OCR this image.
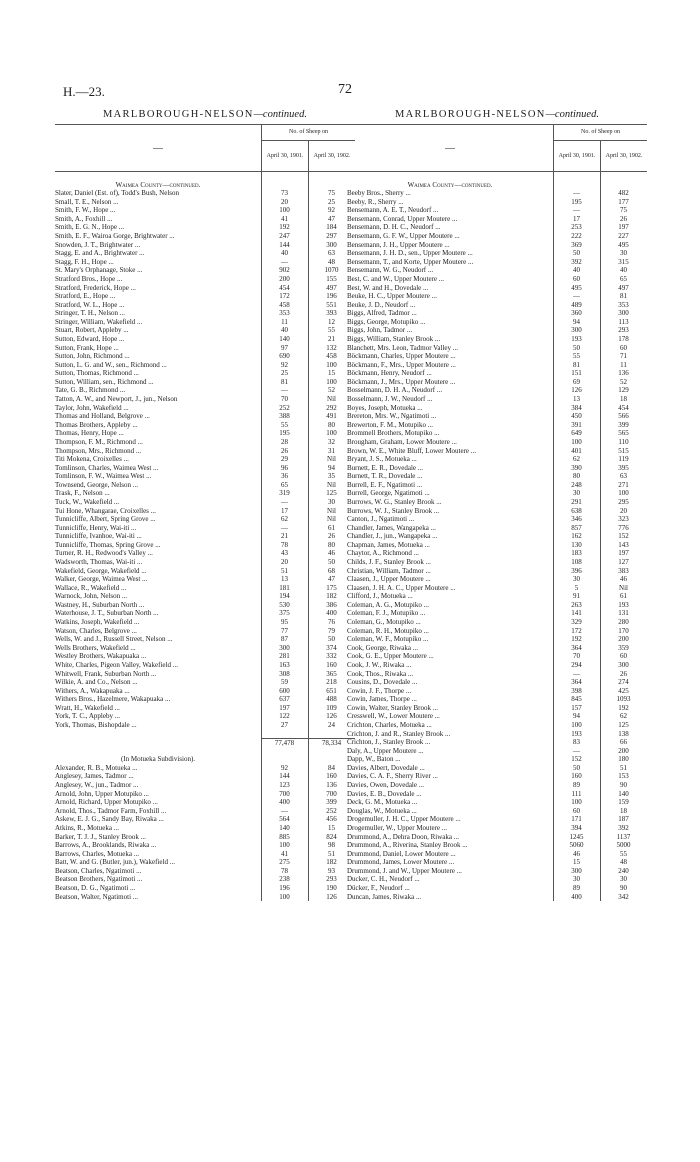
H.—23.	72
MARLBOROUGH-NELSON—continued.
—
No. of Sheep on
April 30, 1901.	April 30, 1902.
Waimea County—continued.
Slater, Daniel (Est. of), Todd's Bush, Nelson	73	75
Small, T. E., Nelson ...	20	25
Smith, F. W., Hope ...	100	92
Smith, A., Foxhill ...	41	47
Smith, E. G. N., Hope ...	192	184
Smith, E. F., Wairoa Gorge, Brightwater ...	247	297
Snowden, J. T., Brightwater ...	144	300
Stagg, E. and A., Brightwater ...	40	63
Stagg, F. H., Hope ...	—	48
St. Mary's Orphanage, Stoke ...	902	1070
Stratford Bros., Hope ...	200	155
Stratford, Frederick, Hope ...	454	497
Stratford, E., Hope ...	172	196
Stratford, W. L., Hope ...	458	551
Stringer, T. H., Nelson ...	353	393
Stringer, William, Wakefield ...	11	12
Stuart, Robert, Appleby ...	40	55
Sutton, Edward, Hope ...	140	21
Sutton, Frank, Hope ...	97	132
Sutton, John, Richmond ...	690	458
Sutton, L. G. and W., sen., Richmond ...	92	100
Sutton, Thomas, Richmond ...	25	15
Sutton, William, sen., Richmond ...	81	100
Tate, G. B., Richmond ...	—	52
Tatton, A. W., and Newport, J., jun., Nelson	70	Nil
Taylor, John, Wakefield ...	252	292
Thomas and Holland, Belgrove ...	388	491
Thomas Brothers, Appleby ...	55	80
Thomas, Henry, Hope ...	195	100
Thompson, F. M., Richmond ...	28	32
Thompson, Mrs., Richmond ...	26	31
Titi Mokena, Croixelles ...	29	Nil
Tomlinson, Charles, Waimea West ...	96	94
Tomlinson, F. W., Waimea West ...	36	35
Townsend, George, Nelson ...	65	Nil
Trask, F., Nelson ...	319	125
Tuck, W., Wakefield ...	—	30
Tui Hone, Whangarae, Croixelles ...	17	Nil
Tunnicliffe, Albert, Spring Grove ...	62	Nil
Tunnicliffe, Henry, Wai-iti ...	—	61
Tunnicliffe, Ivanhoe, Wai-iti ...	21	26
Tunnicliffe, Thomas, Spring Grove ...	78	80
Turner, R. H., Redwood's Valley ...	43	46
Wadsworth, Thomas, Wai-iti ...	20	50
Wakefield, George, Wakefield ...	51	68
Walker, George, Waimea West ...	13	47
Wallace, R., Wakefield ...	181	175
Warnock, John, Nelson ...	194	182
Wastney, H., Suburban North ...	530	386
Waterhouse, J. T., Suburban North ...	375	400
Watkins, Joseph, Wakefield ...	95	76
Watson, Charles, Belgrove ...	77	79
Wells, W. and J., Russell Street, Nelson ...	87	50
Wells Brothers, Wakefield ...	300	374
Westley Brothers, Wakapuaka ...	281	332
White, Charles, Pigeon Valley, Wakefield ...	163	160
Whitwell, Frank, Suburban North ...	308	365
Wilkie, A. and Co., Nelson ...	59	218
Withers, A., Wakapuaka ...	600	651
Withers Bros., Hazelmere, Wakapuaka ...	637	488
Wratt, H., Wakefield ...	197	109
York, T. C., Appleby ...	122	126
York, Thomas, Bishopdale ...	27	24
77,478	78,334
(In Motueka Subdivision).
Alexander, R. B., Motueka ...	92	84
Anglesey, James, Tadmor ...	144	160
Anglesey, W., jun., Tadmor ...	123	136
Arnold, John, Upper Motupiko ...	700	700
Arnold, Richard, Upper Motupiko ...	400	399
Arnold, Thos., Tadmor Farm, Foxhill ...	—	252
Askew, E. J. G., Sandy Bay, Riwaka ...	564	456
Atkins, R., Motueka ...	140	15
Barker, T. J. J., Stanley Brook ...	885	824
Barrows, A., Brooklands, Riwaka ...	100	98
Barrows, Charles, Motueka ...	41	51
Batt, W. and G. (Butler, jun.), Wakefield ...	275	182
Beatson, Charles, Ngatimoti ...	78	93
Beatson Brothers, Ngatimoti ...	238	293
Beatson, D. G., Ngatimoti ...	196	190
Beatson, Walter, Ngatimoti ...	100	126
MARLBOROUGH-NELSON—continued.
—
No. of Sheep on
April 30, 1901.	April 30, 1902.
Waimea County—continued.
Beeby Bros., Sherry ...	—	482
Beeby, R., Sherry ...	195	177
Bensemann, A. E. T., Neudorf ...	—	75
Bensemann, Conrad, Upper Moutere ...	17	26
Bensemann, D. H. C., Neudorf ...	253	197
Bensemann, G. F. W., Upper Moutere ...	222	227
Bensemann, J. H., Upper Moutere ...	369	495
Bensemann, J. H. D., sen., Upper Moutere ...	50	30
Bensemann, T., and Korte, Upper Moutere ...	392	315
Bensemann, W. G., Neudorf ...	40	40
Best, C. and W., Upper Moutere ...	60	65
Best, W. and H., Dovedale ...	495	497
Beuke, H. C., Upper Moutere ...	—	81
Beuke, J. D., Neudorf ...	489	353
Biggs, Alfred, Tadmor ...	360	300
Biggs, George, Motupiko ...	94	113
Biggs, John, Tadmor ...	300	293
Biggs, William, Stanley Brook ...	193	178
Blanchett, Mrs. Leon, Tadmor Valley ...	50	60
Böckmann, Charles, Upper Moutere ...	55	71
Böckmann, F., Mrs., Upper Moutere ...	81	11
Böckmann, Henry, Neudorf ...	151	136
Böckmann, J., Mrs., Upper Moutere ...	69	52
Bosselmann, D. H. A., Neudorf ...	126	129
Bosselmann, J. W., Neudorf ...	13	18
Boyes, Joseph, Motueka ...	384	454
Brereton, Mrs. W., Ngatimoti ...	450	566
Brewerton, F. M., Motupiko ...	391	399
Brommell Brothers, Motupiko ...	649	565
Brougham, Graham, Lower Moutere ...	100	110
Brown, W. E., White Bluff, Lower Moutere ...	401	515
Bryant, J. S., Motueka ...	62	119
Burnett, E. R., Dovedale ...	390	395
Burnett, T. R., Dovedale ...	80	63
Burrell, E. F., Ngatimoti ...	248	271
Burrell, George, Ngatimoti ...	30	100
Burrows, W. G., Stanley Brook ...	291	295
Burrows, W. J., Stanley Brook ...	638	20
Canton, J., Ngatimoti ...	346	323
Chandler, James, Wangapeka ...	857	776
Chandler, J., jun., Wangapeka ...	162	152
Chapman, James, Motueka ...	130	143
Chaytor, A., Richmond ...	183	197
Childs, J. F., Stanley Brook ...	108	127
Christian, William, Tadmor ...	396	383
Claasen, J., Upper Moutere ...	30	46
Claasen, J. H. A. C., Upper Moutere ...	5	Nil
Clifford, J., Motueka ...	91	61
Coleman, A. G., Motupiko ...	263	193
Coleman, F. J., Motupiko ...	141	131
Coleman, G., Motupiko ...	329	280
Coleman, R. H., Motupiko ...	172	170
Coleman, W. F., Motupiko ...	192	200
Cook, George, Riwaka ...	364	359
Cook, G. E., Upper Moutere ...	70	60
Cook, J. W., Riwaka ...	294	300
Cook, Thos., Riwaka ...	—	26
Cousins, D., Dovedale ...	364	274
Cowin, J. F., Thorpe ...	398	425
Cowin, James, Thorpe ...	845	1093
Cowin, Walter, Stanley Brook ...	157	192
Cresswell, W., Lower Moutere ...	94	62
Crichton, Charles, Motueka ...	100	125
Crichton, J. and R., Stanley Brook ...	193	138
Crichton, J., Stanley Brook ...	83	66
Daly, A., Upper Moutere ...	—	200
Dapp, W., Baton ...	152	180
Davies, Albert, Dovedale ...	50	51
Davies, C. A. F., Sherry River ...	160	153
Davies, Owen, Dovedale ...	89	90
Davies, E. B., Dovedale ...	111	140
Deck, G. M., Motueka ...	100	159
Douglas, W., Motueka ...	60	18
Drogemuller, J. H. C., Upper Moutere ...	171	187
Drogemuller, W., Upper Moutere ...	394	392
Drummond, A., Dehra Doon, Riwaka ...	1245	1137
Drummond, A., Riverina, Stanley Brook ...	5060	5000
Drummond, Daniel, Lower Moutere ...	46	55
Drummond, James, Lower Moutere ...	15	48
Drummond, J. and W., Upper Moutere ...	300	240
Ducker, C. H., Neudorf ...	30	30
Dücker, F., Neudorf ...	89	90
Duncan, James, Riwaka ...	400	342
